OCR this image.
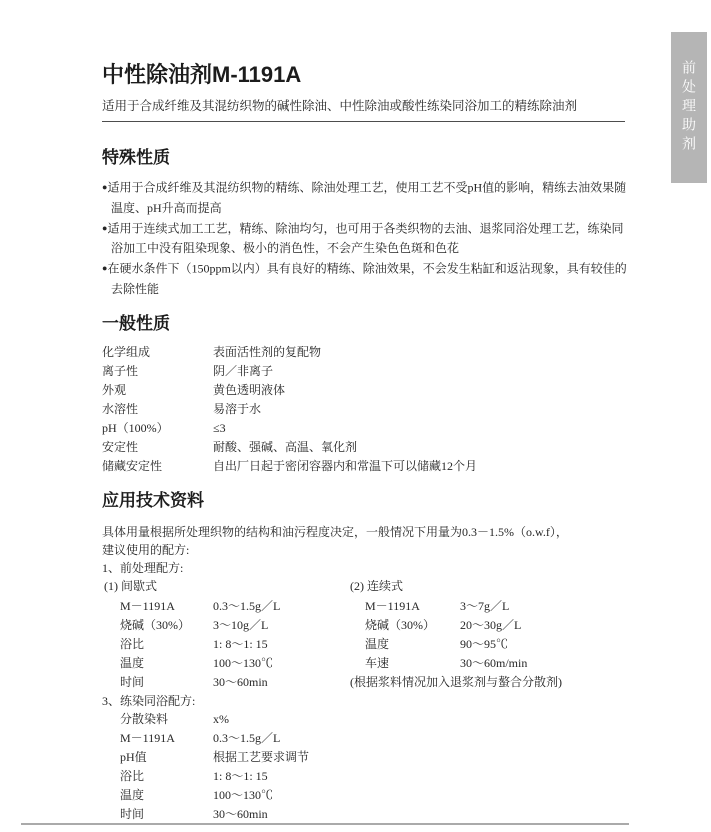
前处理助剂
中性除油剂M-1191A

适用于合成纤维及其混纺织物的碱性除油、中性除油或酸性练染同浴加工的精练除油剂

特殊性质
●适用于合成纤维及其混纺织物的精练、除油处理工艺，使用工艺不受pH值的影响，精练去油效果随温度、pH升高而提高
●适用于连续式加工工艺，精练、除油均匀，也可用于各类织物的去油、退浆同浴处理工艺，练染同浴加工中没有阻染现象、极小的消色性，不会产生染色色斑和色花
●在硬水条件下（150ppm以内）具有良好的精练、除油效果，不会发生粘缸和返沾现象，具有较佳的去除性能
一般性质
化学组成	表面活性剂的复配物
离子性	阴／非离子
外观	黄色透明液体
水溶性	易溶于水
pH（100%）	≤3
安定性	耐酸、强碱、高温、氧化剂
储藏安定性	自出厂日起于密闭容器内和常温下可以储藏12个月
应用技术资料

具体用量根据所处理织物的结构和油污程度决定，一般情况下用量为0.3－1.5%（o.w.f），

建议使用的配方:

1、前处理配方:

(1) 间歇式

M－1191A	0.3～1.5g／L
烧碱（30%）	3～10g／L
浴比	1: 8～1: 15
温度	100～130℃
时间	30～60min

(2) 连续式

M－1191A	3～7g／L
烧碱（30%）	20～30g／L
温度	90～95℃
车速	30～60m/min

(根据浆料情况加入退浆剂与螯合分散剂)

3、练染同浴配方:

分散染料	x%
M－1191A	0.3～1.5g／L
pH值	根据工艺要求调节
浴比	1: 8～1: 15
温度	100～130℃
时间	30～60min
